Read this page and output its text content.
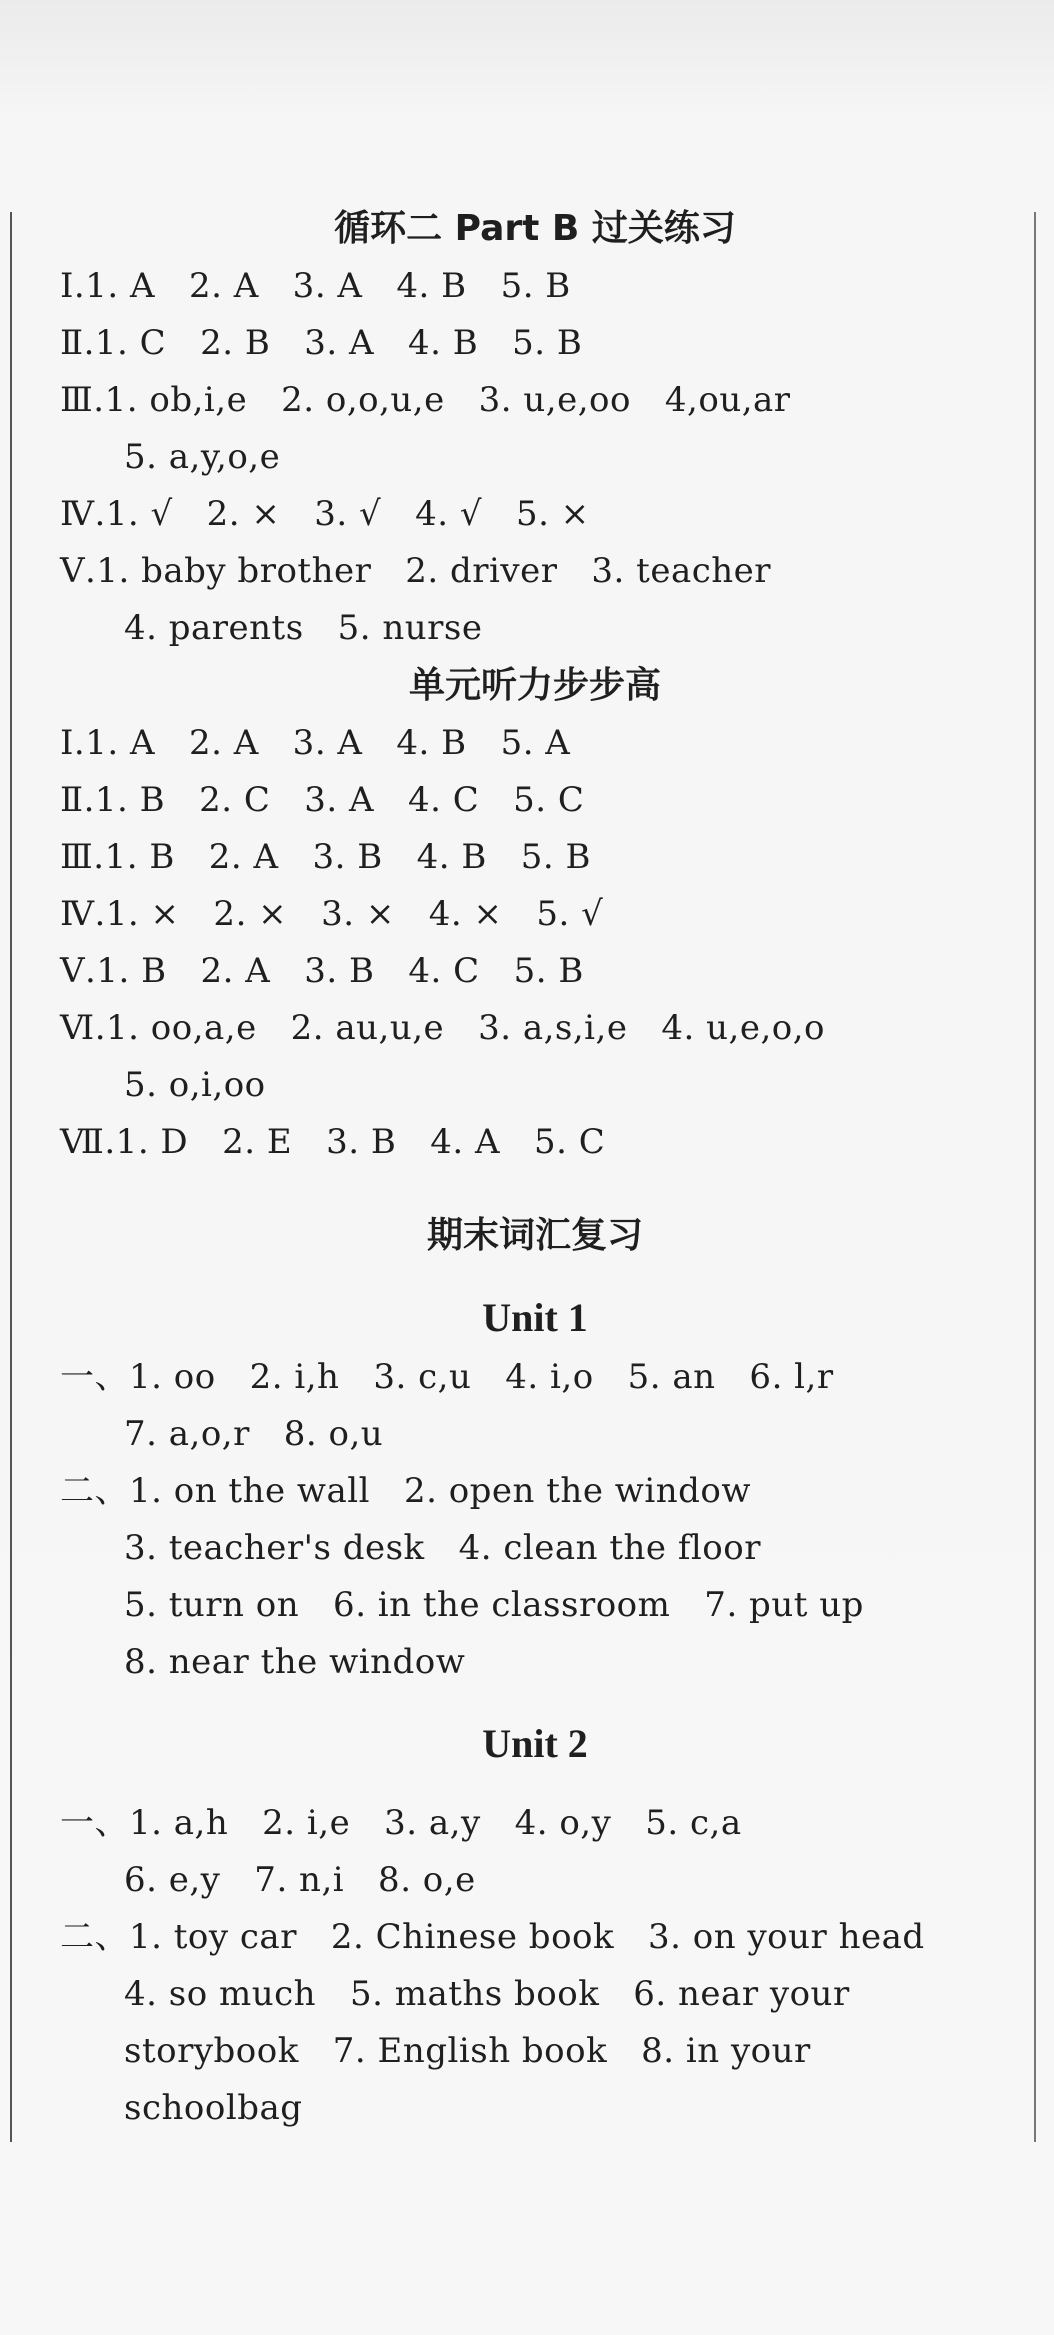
循环二 Part B 过关练习
Ⅰ.1. A   2. A   3. A   4. B   5. B
Ⅱ.1. C   2. B   3. A   4. B   5. B
Ⅲ.1. ob,i,e   2. o,o,u,e   3. u,e,oo   4,ou,ar
5. a,y,o,e
Ⅳ.1. √   2. ×   3. √   4. √   5. ×
Ⅴ.1. baby brother   2. driver   3. teacher
4. parents   5. nurse
单元听力步步高
Ⅰ.1. A   2. A   3. A   4. B   5. A
Ⅱ.1. B   2. C   3. A   4. C   5. C
Ⅲ.1. B   2. A   3. B   4. B   5. B
Ⅳ.1. ×   2. ×   3. ×   4. ×   5. √
Ⅴ.1. B   2. A   3. B   4. C   5. B
Ⅵ.1. oo,a,e   2. au,u,e   3. a,s,i,e   4. u,e,o,o
5. o,i,oo
Ⅶ.1. D   2. E   3. B   4. A   5. C
期末词汇复习
Unit 1
一、1. oo   2. i,h   3. c,u   4. i,o   5. an   6. l,r
7. a,o,r   8. o,u
二、1. on the wall   2. open the window
3. teacher's desk   4. clean the floor
5. turn on   6. in the classroom   7. put up
8. near the window
Unit 2
一、1. a,h   2. i,e   3. a,y   4. o,y   5. c,a
6. e,y   7. n,i   8. o,e
二、1. toy car   2. Chinese book   3. on your head
4. so much   5. maths book   6. near your
storybook   7. English book   8. in your
schoolbag
